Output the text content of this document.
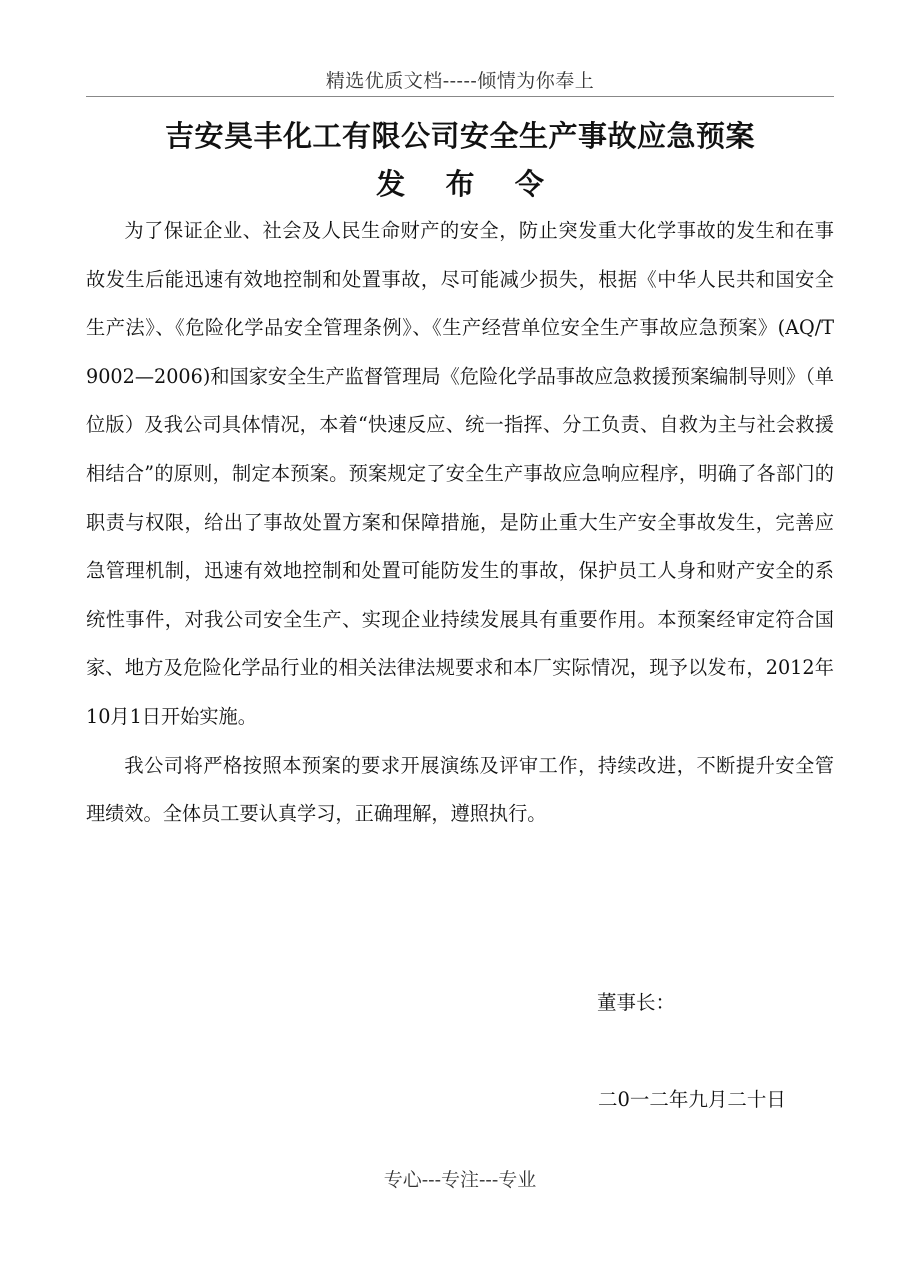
精选优质文档-----倾情为你奉上
吉安昊丰化工有限公司安全生产事故应急预案
发    布    令

为了保证企业、社会及人民生命财产的安全，防止突发重大化学事故的发生和在事故发生后能迅速有效地控制和处置事故，尽可能减少损失，根据《中华人民共和国安全生产法》、《危险化学品安全管理条例》、《生产经营单位安全生产事故应急预案》(AQ/T 9002—2006)和国家安全生产监督管理局《危险化学品事故应急救援预案编制导则》（单位版）及我公司具体情况，本着“快速反应、统一指挥、分工负责、自救为主与社会救援相结合”的原则，制定本预案。预案规定了安全生产事故应急响应程序，明确了各部门的职责与权限，给出了事故处置方案和保障措施，是防止重大生产安全事故发生，完善应急管理机制，迅速有效地控制和处置可能防发生的事故，保护员工人身和财产安全的系统性事件，对我公司安全生产、实现企业持续发展具有重要作用。本预案经审定符合国家、地方及危险化学品行业的相关法律法规要求和本厂实际情况，现予以发布，2012年10月1日开始实施。

我公司将严格按照本预案的要求开展演练及评审工作，持续改进，不断提升安全管理绩效。全体员工要认真学习，正确理解，遵照执行。

董事长：
二0一二年九月二十日
专心---专注---专业
